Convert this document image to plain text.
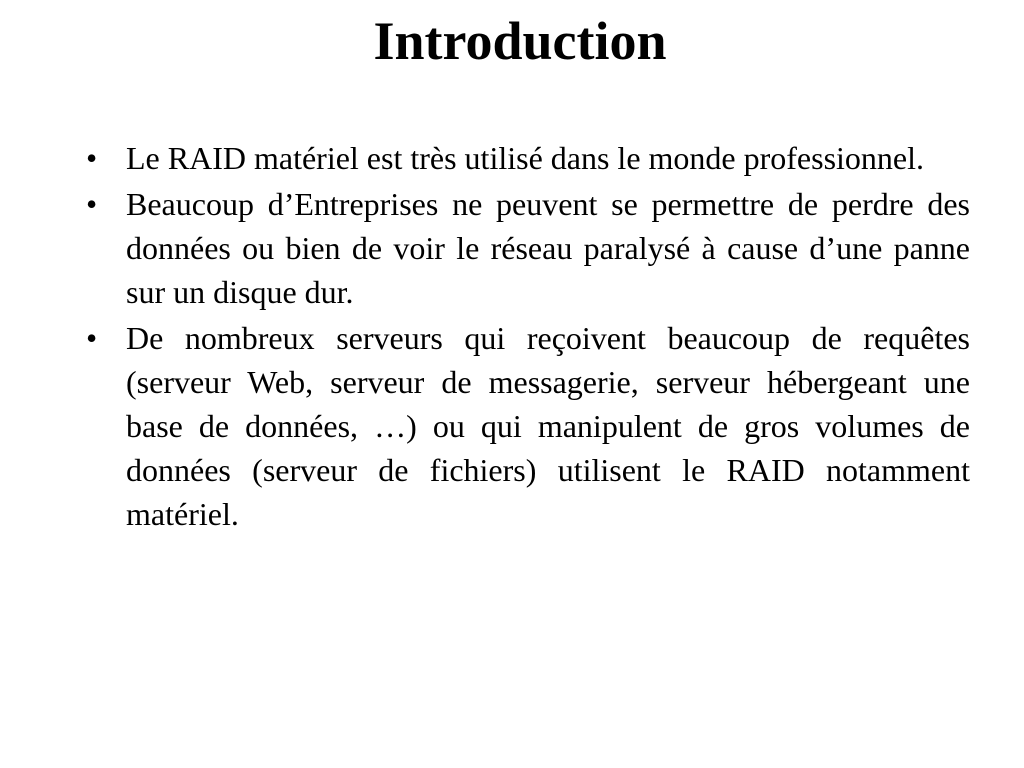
Introduction
• Le RAID matériel est très utilisé dans le monde professionnel.
• Beaucoup d’Entreprises ne peuvent se permettre de perdre des données ou bien de voir le réseau paralysé à cause d’une panne sur un disque dur.
• De nombreux serveurs qui reçoivent beaucoup de requêtes (serveur Web, serveur de messagerie, serveur hébergeant une base de données, …) ou qui manipulent de gros volumes de données (serveur de fichiers) utilisent le RAID notamment matériel.
